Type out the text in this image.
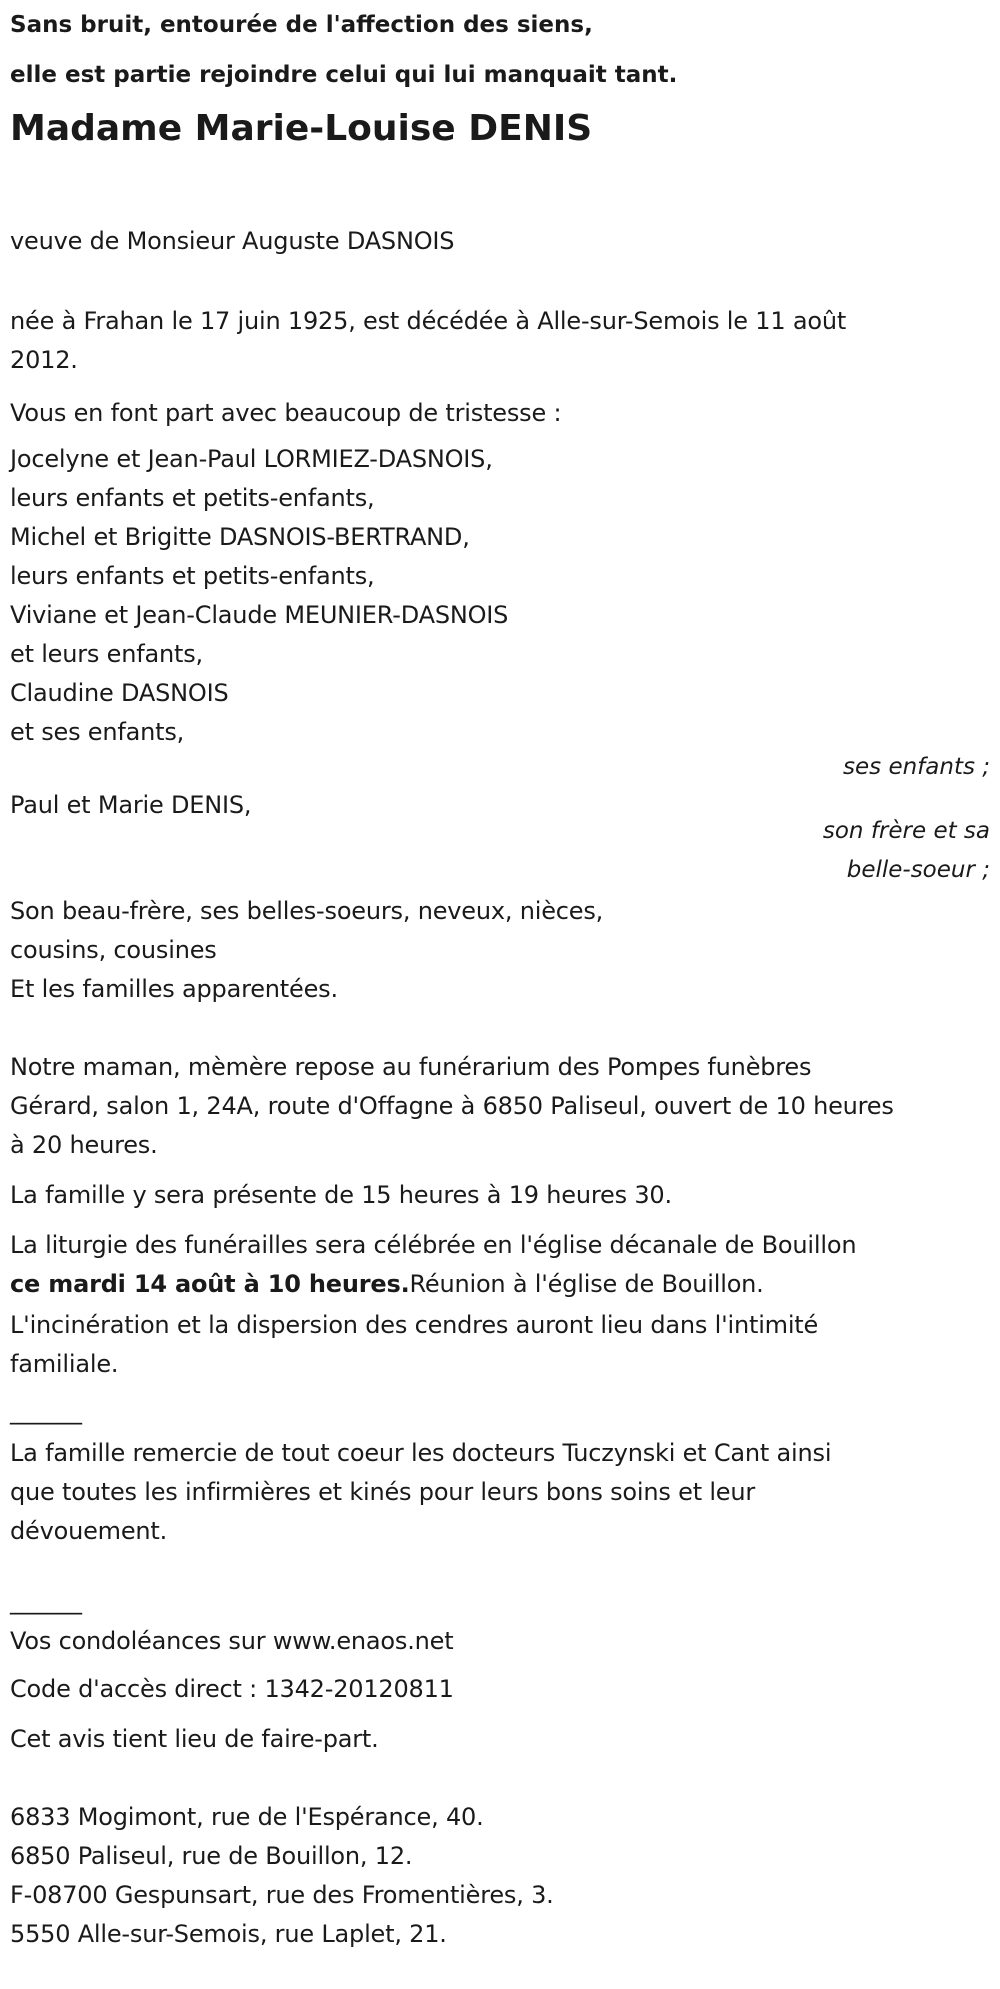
Sans bruit, entourée de l'affection des siens,
elle est partie rejoindre celui qui lui manquait tant.
Madame Marie-Louise DENIS
veuve de Monsieur Auguste DASNOIS
née à Frahan le 17 juin 1925, est décédée à Alle-sur-Semois le 11 août
2012.
Vous en font part avec beaucoup de tristesse :
Jocelyne et Jean-Paul LORMIEZ-DASNOIS,
leurs enfants et petits-enfants,
Michel et Brigitte DASNOIS-BERTRAND,
leurs enfants et petits-enfants,
Viviane et Jean-Claude MEUNIER-DASNOIS
et leurs enfants,
Claudine DASNOIS
et ses enfants,
ses enfants ;
Paul et Marie DENIS,
son frère et sa
belle-soeur ;
Son beau-frère, ses belles-soeurs, neveux, nièces,
cousins, cousines
Et les familles apparentées.
Notre maman, mèmère repose au funérarium des Pompes funèbres
Gérard, salon 1, 24A, route d'Offagne à 6850 Paliseul, ouvert de 10 heures
à 20 heures.
La famille y sera présente de 15 heures à 19 heures 30.
La liturgie des funérailles sera célébrée en l'église décanale de Bouillon
ce mardi 14 août à 10 heures.Réunion à l'église de Bouillon.
L'incinération et la dispersion des cendres auront lieu dans l'intimité
familiale.
______
La famille remercie de tout coeur les docteurs Tuczynski et Cant ainsi
que toutes les infirmières et kinés pour leurs bons soins et leur
dévouement.
______
Vos condoléances sur www.enaos.net
Code d'accès direct : 1342-20120811
Cet avis tient lieu de faire-part.
6833 Mogimont, rue de l'Espérance, 40.
6850 Paliseul, rue de Bouillon, 12.
F-08700 Gespunsart, rue des Fromentières, 3.
5550 Alle-sur-Semois, rue Laplet, 21.
